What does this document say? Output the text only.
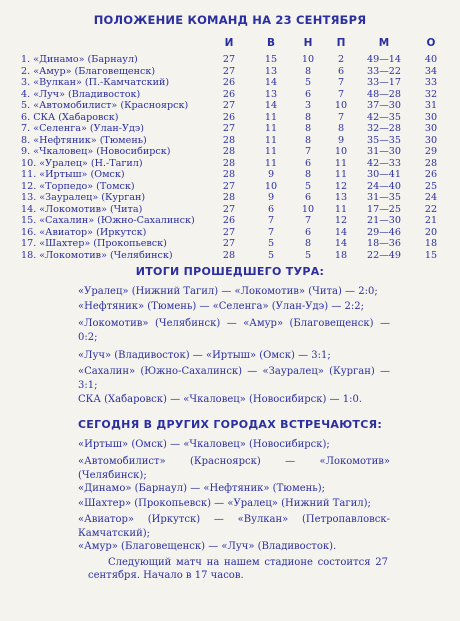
ПОЛОЖЕНИЕ КОМАНД НА 23 СЕНТЯБРЯ
И	В	Н	П	М	О
1. «Динамо» (Барнаул)	27	15	10	2	49—14	40
2. «Амур» (Благовещенск)	27	13	8	6	33—22	34
3. «Вулкан» (П.-Камчатский)	26	14	5	7	33—17	33
4. «Луч» (Владивосток)	26	13	6	7	48—28	32
5. «Автомобилист» (Красноярск)	27	14	3	10	37—30	31
6. СКА (Хабаровск)	26	11	8	7	42—35	30
7. «Селенга» (Улан-Удэ)	27	11	8	8	32—28	30
8. «Нефтяник» (Тюмень)	28	11	8	9	35—35	30
9. «Чкаловец» (Новосибирск)	28	11	7	10	31—30	29
10. «Уралец» (Н.-Тагил)	28	11	6	11	42—33	28
11. «Иртыш» (Омск)	28	9	8	11	30—41	26
12. «Торпедо» (Томск)	27	10	5	12	24—40	25
13. «Зауралец» (Курган)	28	9	6	13	31—35	24
14. «Локомотив» (Чита)	27	6	10	11	17—25	22
15. «Сахалин» (Южно-Сахалинск)	26	7	7	12	21—30	21
16. «Авиатор» (Иркутск)	27	7	6	14	29—46	20
17. «Шахтер» (Прокопьевск)	27	5	8	14	18—36	18
18. «Локомотив» (Челябинск)	28	5	5	18	22—49	15
ИТОГИ ПРОШЕДШЕГО ТУРА:
«Уралец» (Нижний Тагил) — «Локомотив» (Чита) — 2:0;
«Нефтяник» (Тюмень) — «Селенга» (Улан-Удэ) — 2:2;
«Локомотив» (Челябинск) — «Амур» (Благовещенск) — 0:2;
«Луч» (Владивосток) — «Иртыш» (Омск) — 3:1;
«Сахалин» (Южно-Сахалинск) — «Зауралец» (Курган) — 3:1;
СКА (Хабаровск) — «Чкаловец» (Новосибирск) — 1:0.
СЕГОДНЯ В ДРУГИХ ГОРОДАХ ВСТРЕЧАЮТСЯ:
«Иртыш» (Омск) — «Чкаловец» (Новосибирск);
«Автомобилист» (Красноярск) — «Локомотив» (Челябинск);
«Динамо» (Барнаул) — «Нефтяник» (Тюмень);
«Шахтер» (Прокопьевск) — «Уралец» (Нижний Тагил);
«Авиатор» (Иркутск) — «Вулкан» (Петропавловск-Камчатский);
«Амур» (Благовещенск) — «Луч» (Владивосток).
Следующий матч на нашем стадионе состоится 27 сентября. Начало в 17 часов.
